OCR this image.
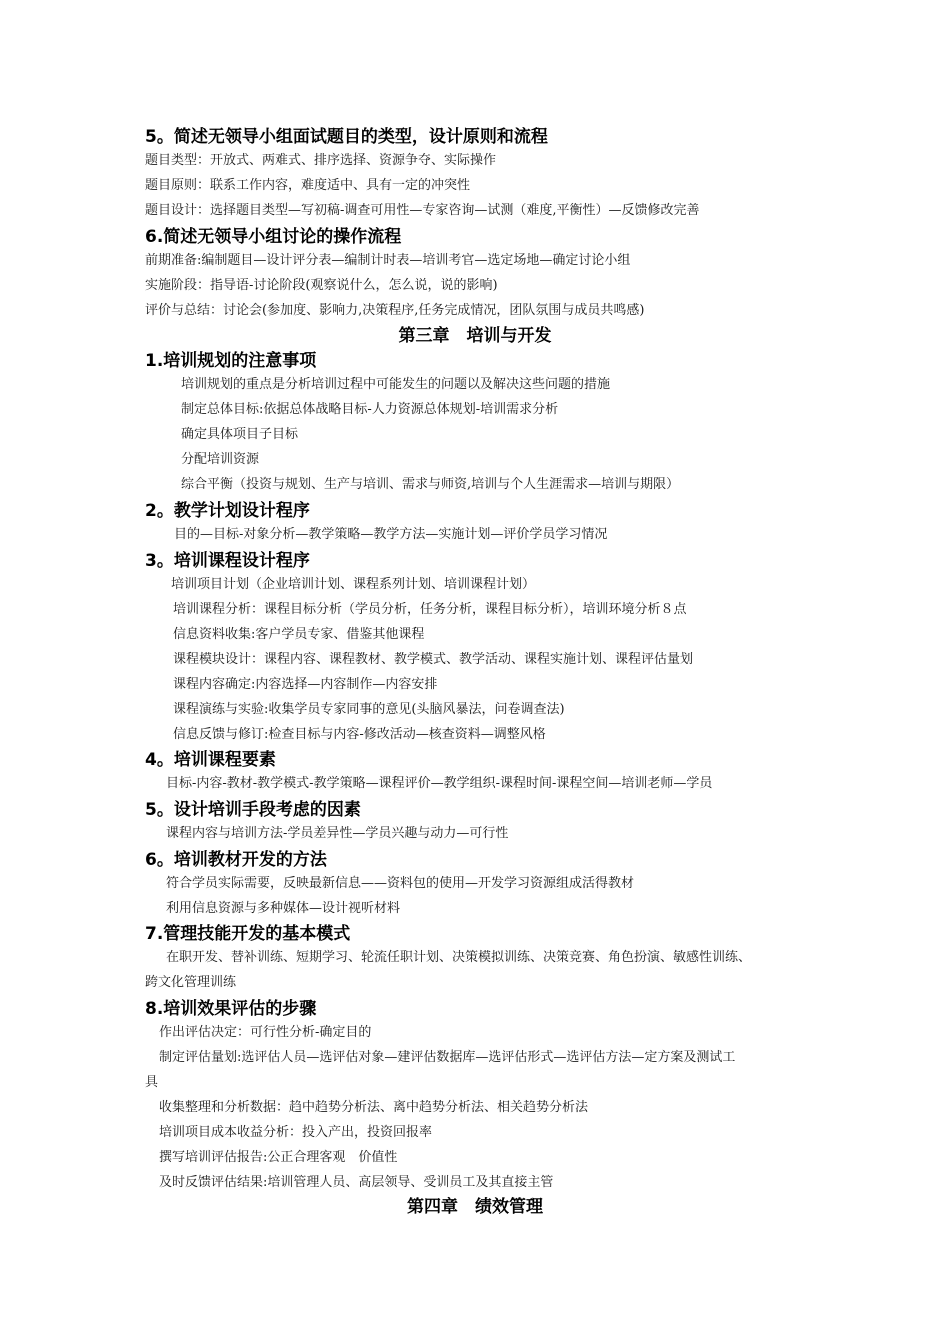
5。简述无领导小组面试题目的类型，设计原则和流程
题目类型：开放式、两难式、排序选择、资源争夺、实际操作
题目原则：联系工作内容，难度适中、具有一定的冲突性
题目设计：选择题目类型—写初稿-调查可用性—专家咨询—试测（难度,平衡性）—反馈修改完善
6.简述无领导小组讨论的操作流程
前期准备:编制题目—设计评分表—编制计时表—培训考官—选定场地—确定讨论小组
实施阶段：指导语-讨论阶段(观察说什么，怎么说，说的影响)
评价与总结：讨论会(参加度、影响力,决策程序,任务完成情况，团队氛围与成员共鸣感)
第三章　培训与开发
1.培训规划的注意事项
培训规划的重点是分析培训过程中可能发生的问题以及解决这些问题的措施
制定总体目标:依据总体战略目标-人力资源总体规划-培训需求分析
确定具体项目子目标
分配培训资源
综合平衡（投资与规划、生产与培训、需求与师资,培训与个人生涯需求—培训与期限）
2。教学计划设计程序
目的—目标-对象分析—教学策略—教学方法—实施计划—评价学员学习情况
3。培训课程设计程序
培训项目计划（企业培训计划、课程系列计划、培训课程计划）
培训课程分析：课程目标分析（学员分析，任务分析，课程目标分析），培训环境分析８点
信息资料收集:客户学员专家、借鉴其他课程
课程模块设计：课程内容、课程教材、教学模式、教学活动、课程实施计划、课程评估量划
课程内容确定:内容选择—内容制作—内容安排
课程演练与实验:收集学员专家同事的意见(头脑风暴法，问卷调查法)
信息反馈与修订:检查目标与内容-修改活动—核查资料—调整风格
4。培训课程要素
目标-内容-教材-教学模式-教学策略—课程评价—教学组织-课程时间-课程空间—培训老师—学员
5。设计培训手段考虑的因素
课程内容与培训方法-学员差异性—学员兴趣与动力—可行性
6。培训教材开发的方法
符合学员实际需要，反映最新信息——资料包的使用—开发学习资源组成活得教材
利用信息资源与多种媒体—设计视听材料
7.管理技能开发的基本模式
在职开发、替补训练、短期学习、轮流任职计划、决策模拟训练、决策竞赛、角色扮演、敏感性训练、
跨文化管理训练
8.培训效果评估的步骤
作出评估决定：可行性分析-确定目的
制定评估量划:选评估人员—选评估对象—建评估数据库—选评估形式—选评估方法—定方案及测试工
具
收集整理和分析数据：趋中趋势分析法、离中趋势分析法、相关趋势分析法
培训项目成本收益分析：投入产出，投资回报率
撰写培训评估报告:公正合理客观　价值性
及时反馈评估结果:培训管理人员、高层领导、受训员工及其直接主管
第四章　绩效管理
